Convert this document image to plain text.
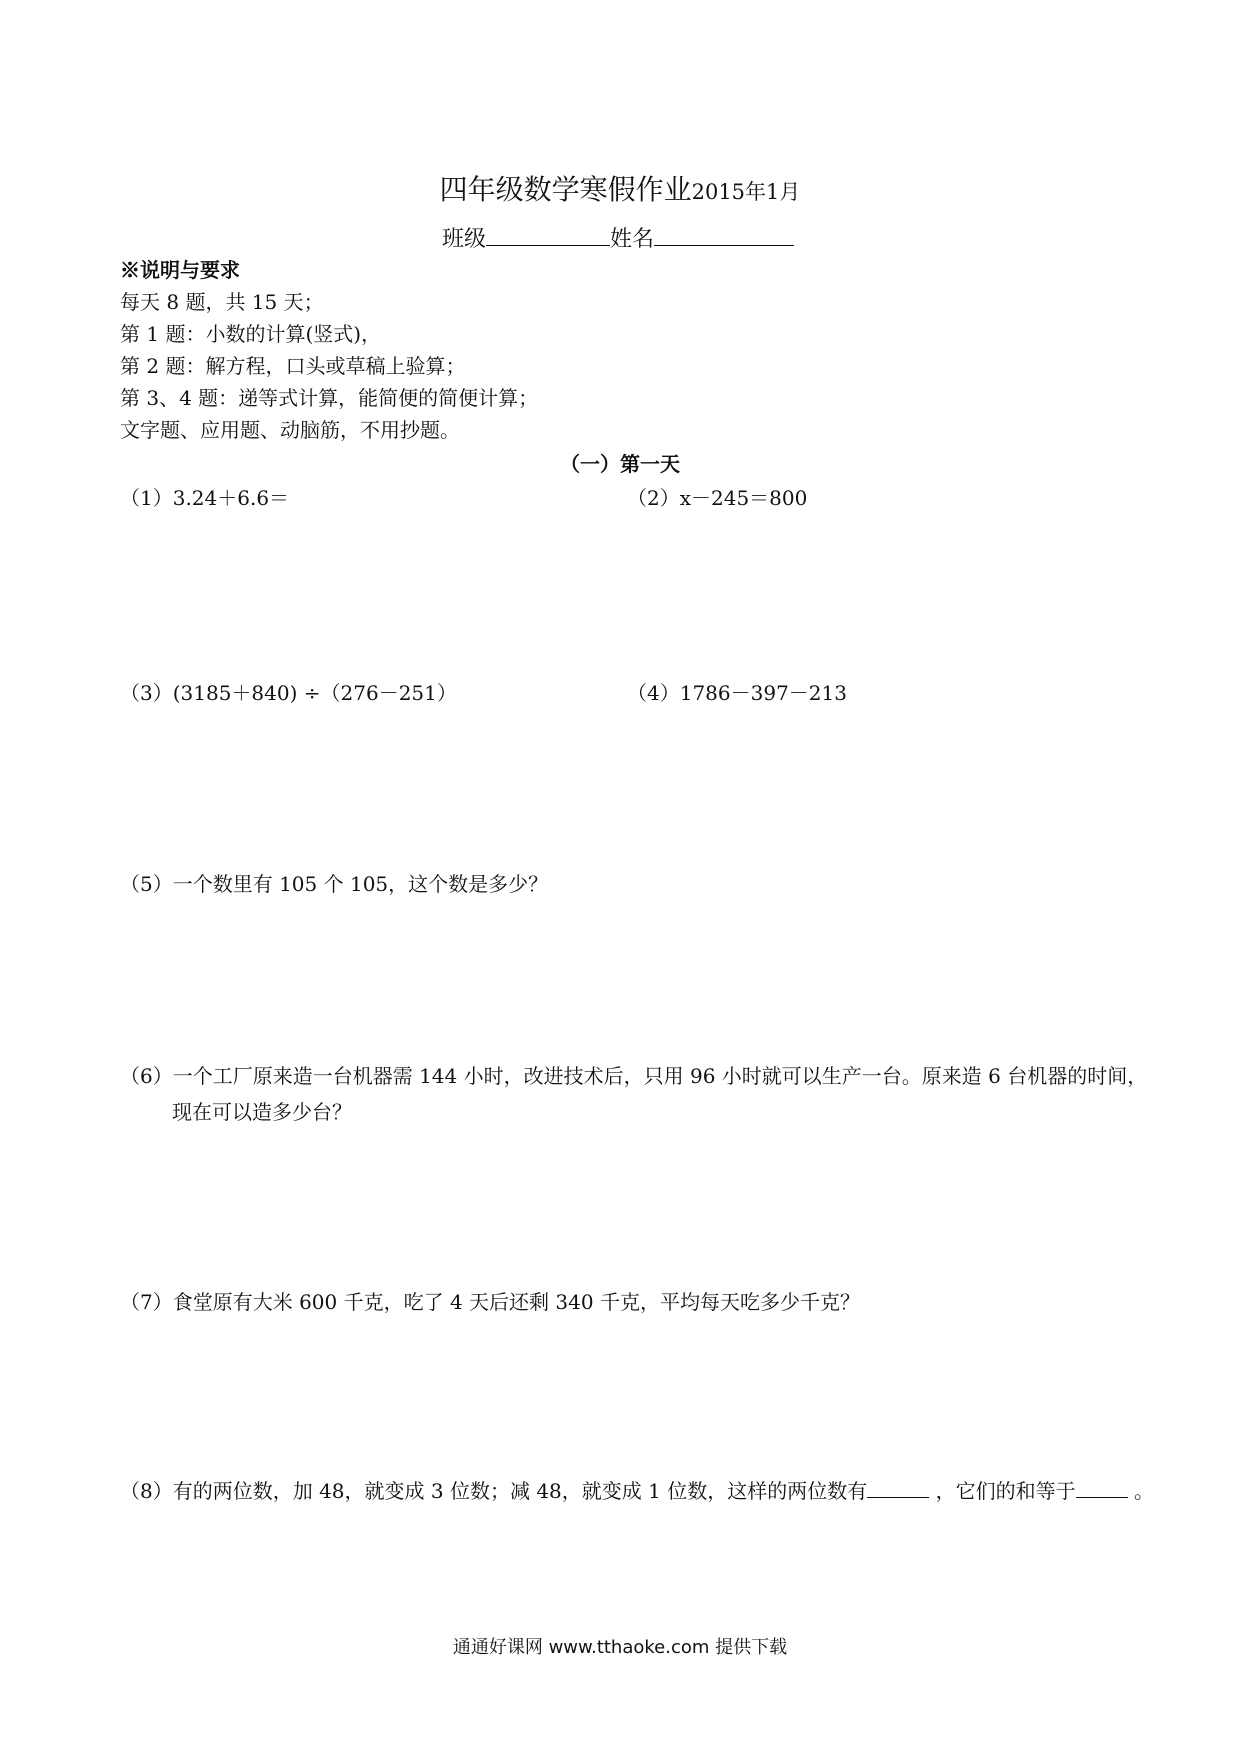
四年级数学寒假作业2015年1月
班级	姓名
※说明与要求
每天 8 题，共 15 天；
第 1 题：小数的计算(竖式)，
第 2 题：解方程，口头或草稿上验算；
第 3、4 题：递等式计算，能简便的简便计算；
文字题、应用题、动脑筋，不用抄题。
（一）第一天
（1）3.24＋6.6＝	（2）x－245＝800
（3）(3185＋840) ÷（276－251）	（4）1786－397－213
（5）一个数里有 105 个 105，这个数是多少？
（6）一个工厂原来造一台机器需 144 小时，改进技术后，只用 96 小时就可以生产一台。原来造 6 台机器的时间，现在可以造多少台？
（7）食堂原有大米 600 千克，吃了 4 天后还剩 340 千克，平均每天吃多少千克？
（8）有的两位数，加 48，就变成 3 位数；减 48，就变成 1 位数，这样的两位数有	，它们的和等于	。
通通好课网 www.tthaoke.com 提供下载
